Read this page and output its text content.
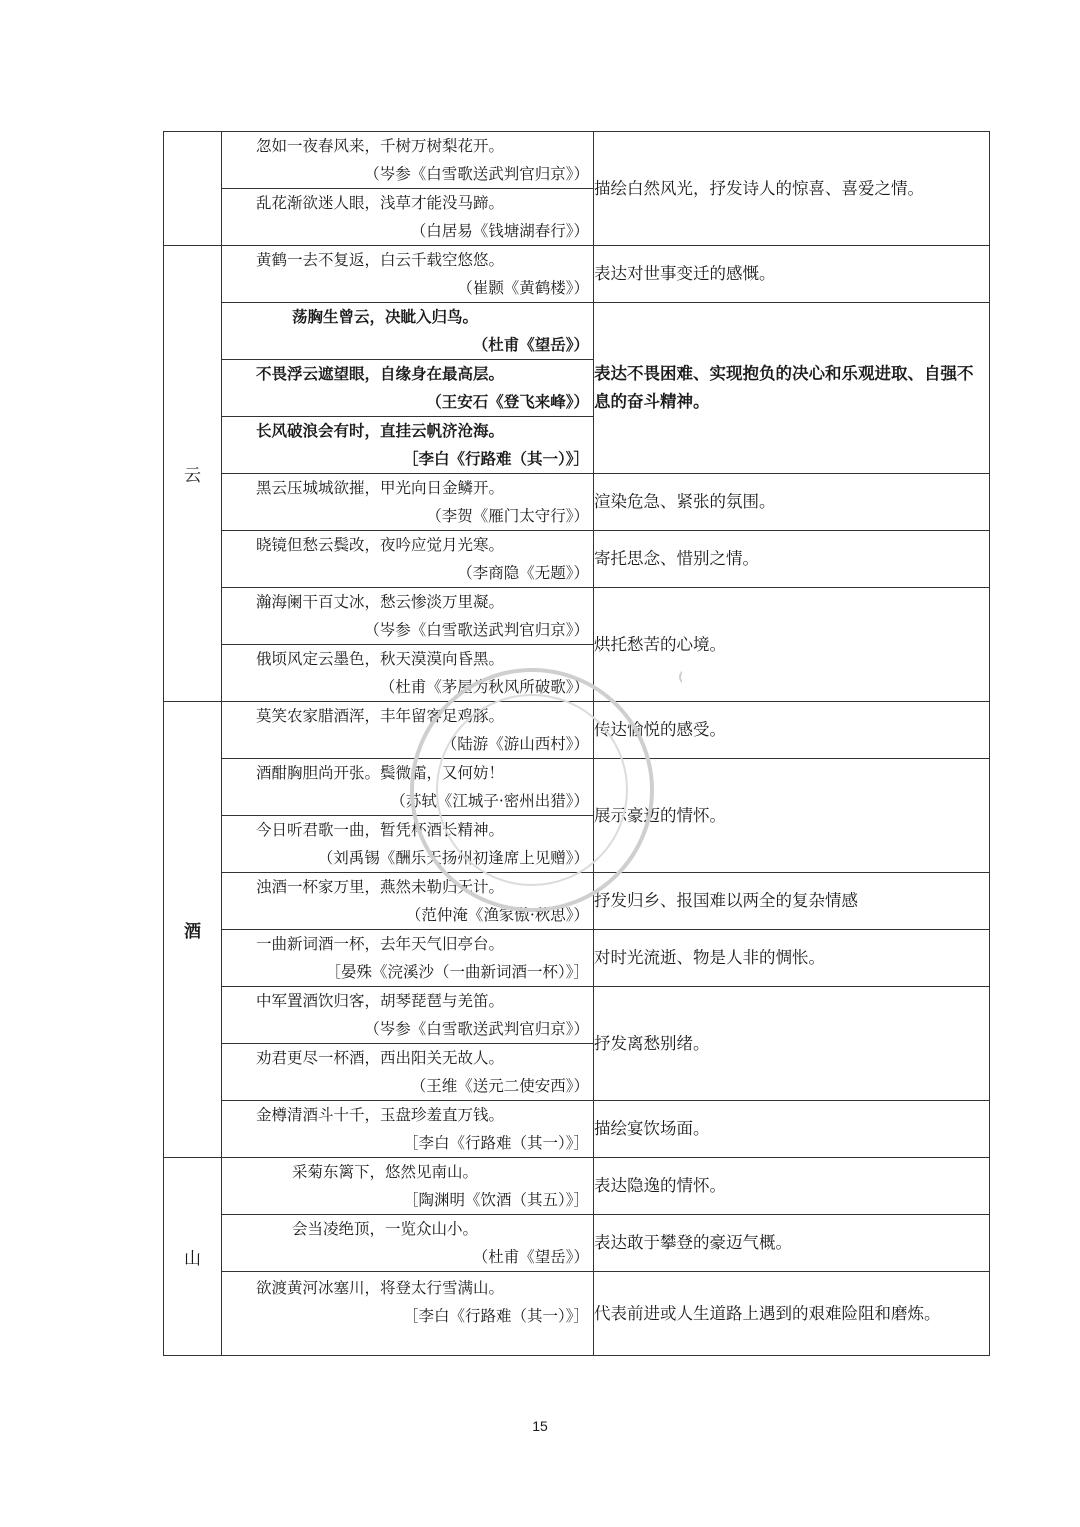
	忽如一夜春风来，千树万树梨花开。
（岑参《白雪歌送武判官归京》）	描绘白然风光，抒发诗人的惊喜、喜爱之情。

	乱花渐欲迷人眼，浅草才能没马蹄。
（白居易《钱塘湖春行》）	

云	黄鹤一去不复返，白云千载空悠悠。
（崔颢《黄鹤楼》）	表达对世事变迁的感慨。

	荡胸生曾云，决眦入归鸟。
（杜甫《望岳》）	表达不畏困难、实现抱负的决心和乐观进取、自强不息的奋斗精神。

	不畏浮云遮望眼，自缘身在最高层。
（王安石《登飞来峰》）	

	长风破浪会有时，直挂云帆济沧海。
［李白《行路难（其一）》］	

	黑云压城城欲摧，甲光向日金鳞开。
（李贺《雁门太守行》）	渲染危急、紧张的氛围。

	晓镜但愁云鬓改，夜吟应觉月光寒。
（李商隐《无题》）	寄托思念、惜别之情。

	瀚海阑干百丈冰，愁云惨淡万里凝。
（岑参《白雪歌送武判官归京》）	烘托愁苦的心境。

	俄顷风定云墨色，秋天漠漠向昏黑。
（杜甫《茅屋为秋风所破歌》）	

酒	莫笑农家腊酒浑，丰年留客足鸡豚。
（陆游《游山西村》）	传达愉悦的感受。

	酒酣胸胆尚开张。鬓微霜，又何妨！
（苏轼《江城子·密州出猎》）	展示豪迈的情怀。

	今日听君歌一曲，暂凭杯酒长精神。
（刘禹锡《酬乐天扬州初逢席上见赠》）	

	浊酒一杯家万里，燕然未勒归无计。
（范仲淹《渔家傲·秋思》）	抒发归乡、报国难以两全的复杂情感

	一曲新词酒一杯，去年天气旧亭台。
［晏殊《浣溪沙（一曲新词酒一杯）》］	对时光流逝、物是人非的惆怅。

	中军置酒饮归客，胡琴琵琶与羌笛。
（岑参《白雪歌送武判官归京》）	抒发离愁别绪。

	劝君更尽一杯酒，西出阳关无故人。
（王维《送元二使安西》）	

	金樽清酒斗十千，玉盘珍羞直万钱。
［李白《行路难（其一）》］	描绘宴饮场面。
山	采菊东篱下，悠然见南山。
［陶渊明《饮酒（其五）》］	表达隐逸的情怀。

	会当凌绝顶，一览众山小。
（杜甫《望岳》）	表达敢于攀登的豪迈气概。

	欲渡黄河冰塞川，将登太行雪满山。
［李白《行路难（其一）》］	代表前进或人生道路上遇到的艰难险阻和磨炼。
15
